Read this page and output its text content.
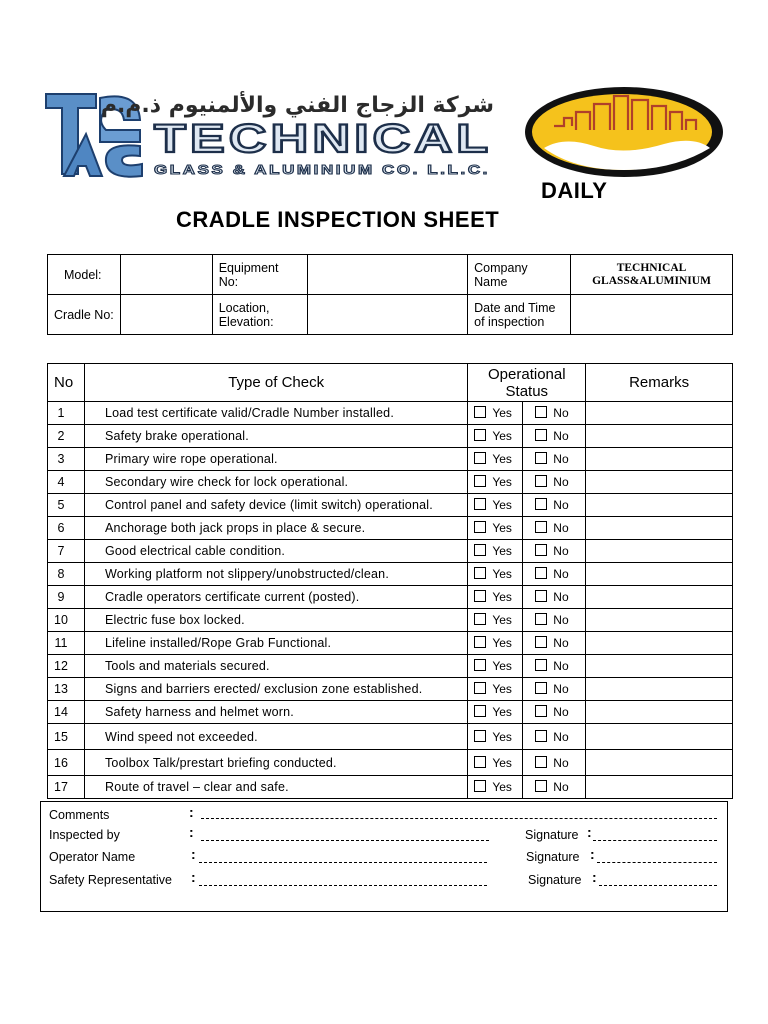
شركة الزجاج الفني والألمنيوم ذ.م.م
TECHNICAL
GLASS & ALUMINIUM CO. L.L.C.
DAILY
CRADLE INSPECTION SHEET
Model:		Equipment No:		Company Name	TECHNICAL GLASS&ALUMINIUM
Cradle No:		Location, Elevation:		Date and Time of inspection	
No	Type of Check	Operational Status		Remarks
1	Load test certificate valid/Cradle Number installed.	Yes	No	
2	Safety brake operational.	Yes	No	
3	Primary wire rope operational.	Yes	No	
4	Secondary wire check for lock operational.	Yes	No	
5	Control panel and safety device (limit switch) operational.	Yes	No	
6	Anchorage both jack props in place & secure.	Yes	No	
7	Good electrical cable condition.	Yes	No	
8	Working platform not slippery/unobstructed/clean.	Yes	No	
9	Cradle operators certificate current (posted).	Yes	No	
10	Electric fuse box locked.	Yes	No	
11	Lifeline installed/Rope Grab Functional.	Yes	No	
12	Tools and materials secured.	Yes	No	
13	Signs and barriers erected/ exclusion zone established.	Yes	No	
14	Safety harness and helmet worn.	Yes	No	
15	Wind speed not exceeded.	Yes	No	
16	Toolbox Talk/prestart briefing conducted.	Yes	No	
17	Route of travel – clear and safe.	Yes	No	
Comments	:
Inspected by	:	Signature :
Operator Name	:	Signature :
Safety Representative :	Signature :
